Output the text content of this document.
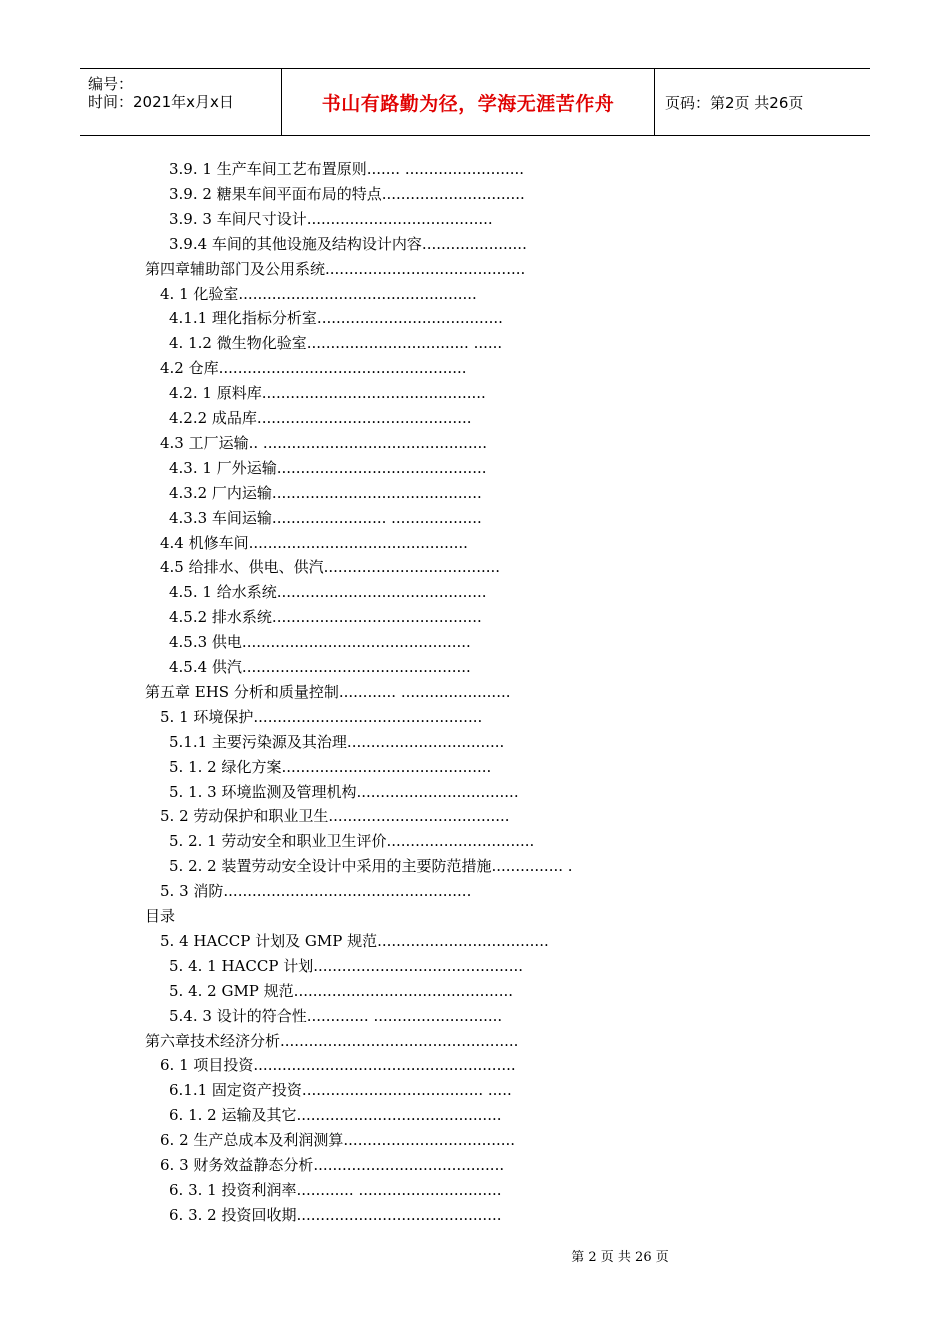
编号：
时间：2021年x月x日	书山有路勤为径，学海无涯苦作舟	页码：第2页 共26页
3.9. 1 生产车间工艺布置原则....... .........................
3.9. 2 糖果车间平面布局的特点..............................
3.9. 3 车间尺寸设计.......................................
3.9.4 车间的其他设施及结构设计内容......................
第四章辅助部门及公用系统..........................................
4. 1 化验室..................................................
4.1.1 理化指标分析室.......................................
4. 1.2 微生物化验室.................................. ......
4.2 仓库....................................................
4.2. 1 原料库...............................................
4.2.2 成品库.............................................
4.3 工厂运输.. ...............................................
4.3. 1 厂外运输............................................
4.3.2 厂内运输............................................
4.3.3 车间运输........................ ...................
4.4 机修车间..............................................
4.5 给排水、供电、供汽.....................................
4.5. 1 给水系统............................................
4.5.2 排水系统............................................
4.5.3 供电................................................
4.5.4 供汽................................................
第五章 EHS 分析和质量控制............ .......................
5. 1 环境保护................................................
5.1.1 主要污染源及其治理.................................
5. 1. 2 绿化方案............................................
5. 1. 3 环境监测及管理机构..................................
5. 2 劳动保护和职业卫生......................................
5. 2. 1 劳动安全和职业卫生评价...............................
5. 2. 2 装置劳动安全设计中采用的主要防范措施............... .
5. 3 消防....................................................
目录
5. 4 HACCP 计划及 GMP 规范....................................
5. 4. 1 HACCP 计划............................................
5. 4. 2 GMP 规范..............................................
5.4. 3 设计的符合性............. ...........................
第六章技术经济分析..................................................
6. 1 项目投资.......................................................
6.1.1 固定资产投资...................................... .....
6. 1. 2 运输及其它...........................................
6. 2 生产总成本及利润测算....................................
6. 3 财务效益静态分析........................................
6. 3. 1 投资利润率............ ..............................
6. 3. 2 投资回收期...........................................
第 2 页 共 26 页
